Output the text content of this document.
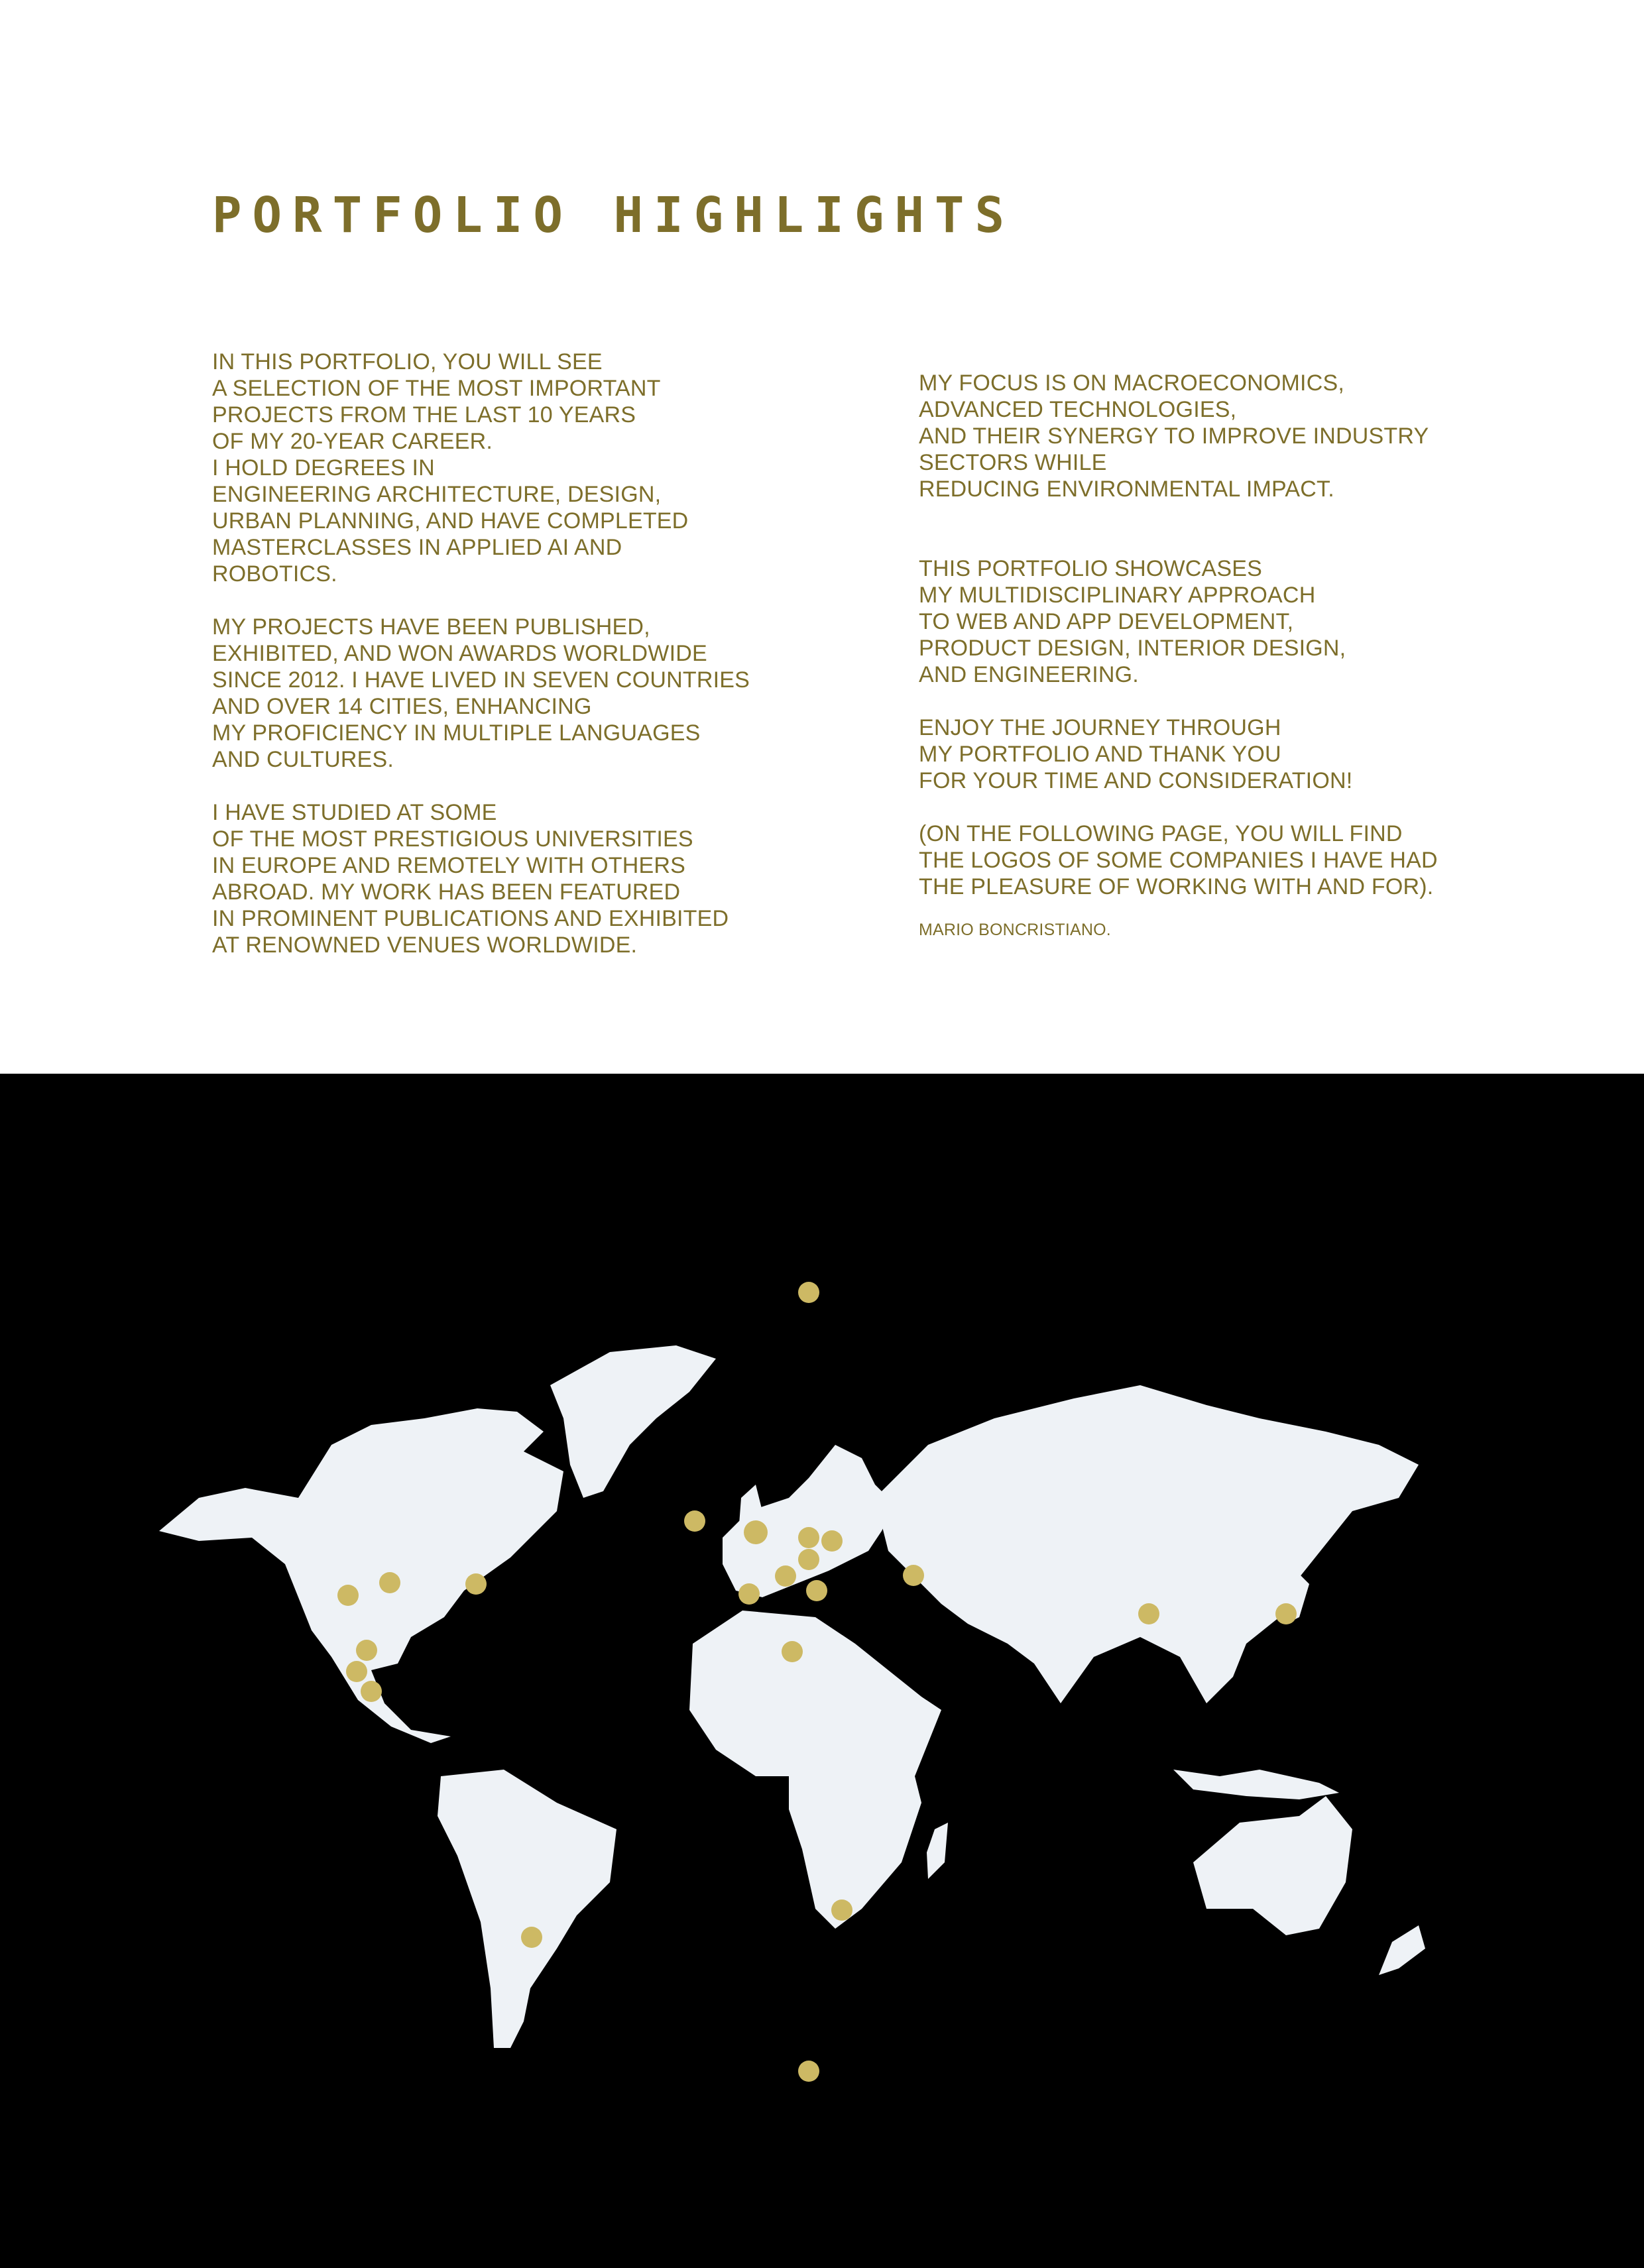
PORTFOLIO HIGHLIGHTS

IN THIS PORTFOLIO, YOU WILL SEE
A SELECTION OF THE MOST IMPORTANT
PROJECTS FROM THE LAST 10 YEARS
OF MY 20-YEAR CAREER.
I HOLD DEGREES IN
ENGINEERING ARCHITECTURE, DESIGN,
URBAN PLANNING, AND HAVE COMPLETED
MASTERCLASSES IN APPLIED AI AND
ROBOTICS.

MY PROJECTS HAVE BEEN PUBLISHED,
EXHIBITED, AND WON AWARDS WORLDWIDE
SINCE 2012. I HAVE LIVED IN SEVEN COUNTRIES
AND OVER 14 CITIES, ENHANCING
MY PROFICIENCY IN MULTIPLE LANGUAGES
AND CULTURES.

I HAVE STUDIED AT SOME
OF THE MOST PRESTIGIOUS UNIVERSITIES
IN EUROPE AND REMOTELY WITH OTHERS
ABROAD. MY WORK HAS BEEN FEATURED
IN PROMINENT PUBLICATIONS AND EXHIBITED
AT RENOWNED VENUES WORLDWIDE.

MY FOCUS IS ON MACROECONOMICS,
ADVANCED TECHNOLOGIES,
AND THEIR SYNERGY TO IMPROVE INDUSTRY
SECTORS WHILE
REDUCING ENVIRONMENTAL IMPACT.

THIS PORTFOLIO SHOWCASES
MY MULTIDISCIPLINARY APPROACH
TO WEB AND APP DEVELOPMENT,
PRODUCT DESIGN, INTERIOR DESIGN,
AND ENGINEERING.

ENJOY THE JOURNEY THROUGH
MY PORTFOLIO AND THANK YOU
FOR YOUR TIME AND CONSIDERATION!

(ON THE FOLLOWING PAGE, YOU WILL FIND
THE LOGOS OF SOME COMPANIES I HAVE HAD
THE PLEASURE OF WORKING WITH AND FOR).

MARIO BONCRISTIANO.
